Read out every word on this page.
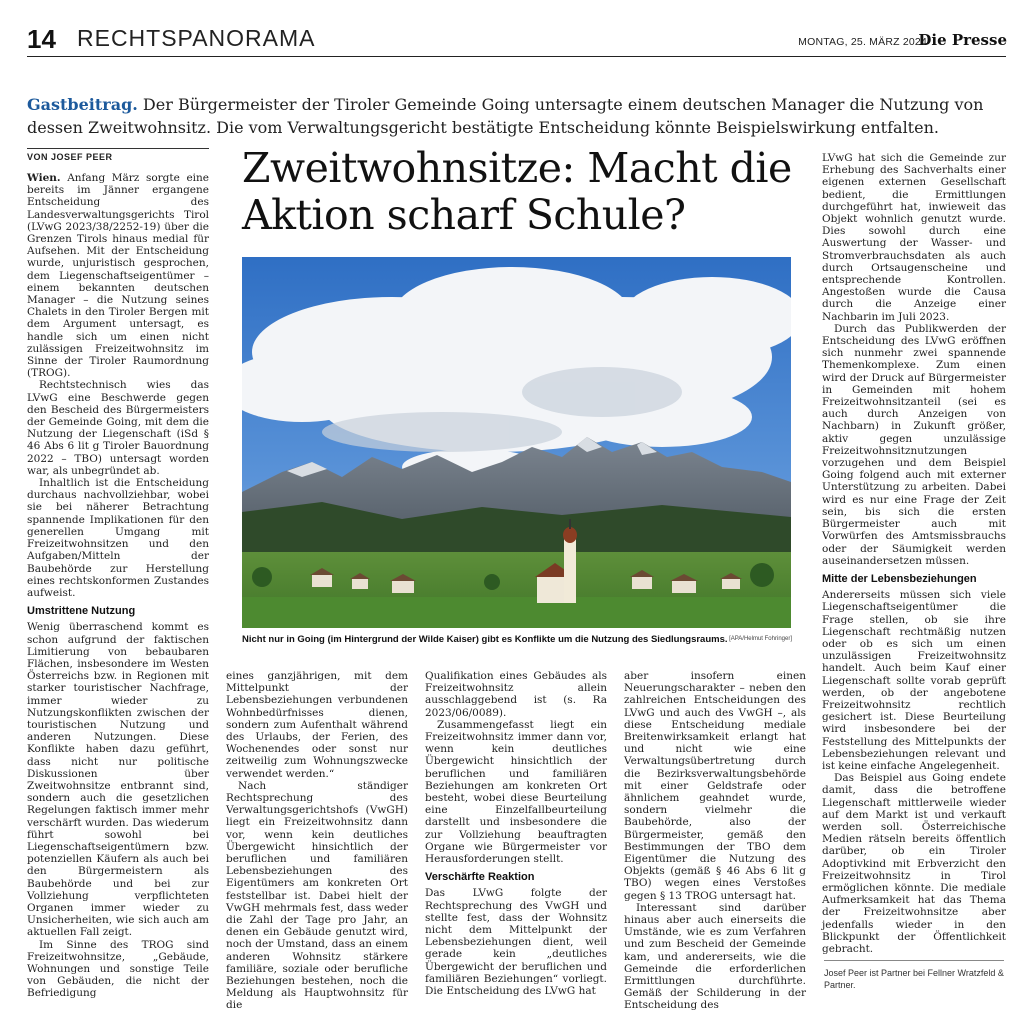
14 RECHTSPANORAMA	MONTAG, 25. MÄRZ 2024
Die Presse
Gastbeitrag. Der Bürgermeister der Tiroler Gemeinde Going untersagte einem deutschen Manager die Nutzung von dessen Zweitwohnsitz. Die vom Verwaltungsgericht bestätigte Entscheidung könnte Beispielswirkung entfalten.
VON JOSEF PEER	Zweitwohnsitze: Macht die Aktion scharf Schule?
Nicht nur in Going (im Hintergrund der Wilde Kaiser) gibt es Konflikte um die Nutzung des Siedlungsraums. [APA/Helmut Fohringer]

Wien. Anfang März sorgte eine bereits im Jänner ergangene Entscheidung des Landesverwaltungsgerichts Tirol (LVwG 2023/38/2252-19) über die Grenzen Tirols hinaus medial für Aufsehen. Mit der Entscheidung wurde, unjuristisch gesprochen, dem Liegenschaftseigentümer – einem bekannten deutschen Manager – die Nutzung seines Chalets in den Tiroler Bergen mit dem Argument untersagt, es handle sich um einen nicht zulässigen Freizeitwohnsitz im Sinne der Tiroler Raumordnung (TROG).

Rechtstechnisch wies das LVwG eine Beschwerde gegen den Bescheid des Bürgermeisters der Gemeinde Going, mit dem die Nutzung der Liegenschaft (iSd § 46 Abs 6 lit g Tiroler Bauordnung 2022 – TBO) untersagt worden war, als unbegründet ab.

Inhaltlich ist die Entscheidung durchaus nachvollziehbar, wobei sie bei näherer Betrachtung spannende Implikationen für den generellen Umgang mit Freizeitwohnsitzen und den Aufgaben/Mitteln der Baubehörde zur Herstellung eines rechtskonformen Zustandes aufweist.

Umstrittene Nutzung

Wenig überraschend kommt es schon aufgrund der faktischen Limitierung von bebaubaren Flächen, insbesondere im Westen Österreichs bzw. in Regionen mit starker touristischer Nachfrage, immer wieder zu Nutzungskonflikten zwischen der touristischen Nutzung und anderen Nutzungen. Diese Konflikte haben dazu geführt, dass nicht nur politische Diskussionen über Zweitwohnsitze entbrannt sind, sondern auch die gesetzlichen Regelungen faktisch immer mehr verschärft wurden. Das wiederum führt sowohl bei Liegenschaftseigentümern bzw. potenziellen Käufern als auch bei den Bürgermeistern als Baubehörde und bei zur Vollziehung verpflichteten Organen immer wieder zu Unsicherheiten, wie sich auch am aktuellen Fall zeigt.

Im Sinne des TROG sind Freizeitwohnsitze, „Gebäude, Wohnungen und sonstige Teile von Gebäuden, die nicht der Befriedigung

eines ganzjährigen, mit dem Mittelpunkt der Lebensbeziehungen verbundenen Wohnbedürfnisses dienen, sondern zum Aufenthalt während des Urlaubs, der Ferien, des Wochenendes oder sonst nur zeitweilig zum Wohnungszwecke verwendet werden.“

Nach ständiger Rechtsprechung des Verwaltungsgerichtshofs (VwGH) liegt ein Freizeitwohnsitz dann vor, wenn kein deutliches Übergewicht hinsichtlich der beruflichen und familiären Lebensbeziehungen des Eigentümers am konkreten Ort feststellbar ist. Dabei hielt der VwGH mehrmals fest, dass weder die Zahl der Tage pro Jahr, an denen ein Gebäude genutzt wird, noch der Umstand, dass an einem anderen Wohnsitz stärkere familiäre, soziale oder berufliche Beziehungen bestehen, noch die Meldung als Hauptwohnsitz für die

Qualifikation eines Gebäudes als Freizeitwohnsitz allein ausschlaggebend ist (s. Ra 2023/06/0089).

Zusammengefasst liegt ein Freizeitwohnsitz immer dann vor, wenn kein deutliches Übergewicht hinsichtlich der beruflichen und familiären Beziehungen am konkreten Ort besteht, wobei diese Beurteilung eine Einzelfallbeurteilung darstellt und insbesondere die zur Vollziehung beauftragten Organe wie Bürgermeister vor Herausforderungen stellt.

Verschärfte Reaktion

Das LVwG folgte der Rechtsprechung des VwGH und stellte fest, dass der Wohnsitz nicht dem Mittelpunkt der Lebensbeziehungen dient, weil gerade kein „deutliches Übergewicht der beruflichen und familiären Beziehungen“ vorliegt. Die Entscheidung des LVwG hat

aber insofern einen Neuerungscharakter – neben den zahlreichen Entscheidungen des LVwG und auch des VwGH –, als diese Entscheidung mediale Breitenwirksamkeit erlangt hat und nicht wie eine Verwaltungsübertretung durch die Bezirksverwaltungsbehörde mit einer Geldstrafe oder ähnlichem geahndet wurde, sondern vielmehr die Baubehörde, also der Bürgermeister, gemäß den Bestimmungen der TBO dem Eigentümer die Nutzung des Objekts (gemäß § 46 Abs 6 lit g TBO) wegen eines Verstoßes gegen § 13 TROG untersagt hat.

Interessant sind darüber hinaus aber auch einerseits die Umstände, wie es zum Verfahren und zum Bescheid der Gemeinde kam, und andererseits, wie die Gemeinde die erforderlichen Ermittlungen durchführte. Gemäß der Schilderung in der Entscheidung des

LVwG hat sich die Gemeinde zur Erhebung des Sachverhalts einer eigenen externen Gesellschaft bedient, die Ermittlungen durchgeführt hat, inwieweit das Objekt wohnlich genutzt wurde. Dies sowohl durch eine Auswertung der Wasser- und Stromverbrauchsdaten als auch durch Ortsaugenscheine und entsprechende Kontrollen. Angestoßen wurde die Causa durch die Anzeige einer Nachbarin im Juli 2023.

Durch das Publikwerden der Entscheidung des LVwG eröffnen sich nunmehr zwei spannende Themenkomplexe. Zum einen wird der Druck auf Bürgermeister in Gemeinden mit hohem Freizeitwohnsitzanteil (sei es auch durch Anzeigen von Nachbarn) in Zukunft größer, aktiv gegen unzulässige Freizeitwohnsitznutzungen vorzugehen und dem Beispiel Going folgend auch mit externer Unterstützung zu arbeiten. Dabei wird es nur eine Frage der Zeit sein, bis sich die ersten Bürgermeister auch mit Vorwürfen des Amtsmissbrauchs oder der Säumigkeit werden auseinandersetzen müssen.

Mitte der Lebensbeziehungen

Andererseits müssen sich viele Liegenschaftseigentümer die Frage stellen, ob sie ihre Liegenschaft rechtmäßig nutzen oder ob es sich um einen unzulässigen Freizeitwohnsitz handelt. Auch beim Kauf einer Liegenschaft sollte vorab geprüft werden, ob der angebotene Freizeitwohnsitz rechtlich gesichert ist. Diese Beurteilung wird insbesondere bei der Feststellung des Mittelpunkts der Lebensbeziehungen relevant und ist keine einfache Angelegenheit.

Das Beispiel aus Going endete damit, dass die betroffene Liegenschaft mittlerweile wieder auf dem Markt ist und verkauft werden soll. Österreichische Medien rätseln bereits öffentlich darüber, ob ein Tiroler Adoptivkind mit Erbverzicht den Freizeitwohnsitz in Tirol ermöglichen könnte. Die mediale Aufmerksamkeit hat das Thema der Freizeitwohnsitze aber jedenfalls wieder in den Blickpunkt der Öffentlichkeit gebracht.

Josef Peer ist Partner bei Fellner Wratzfeld & Partner.
